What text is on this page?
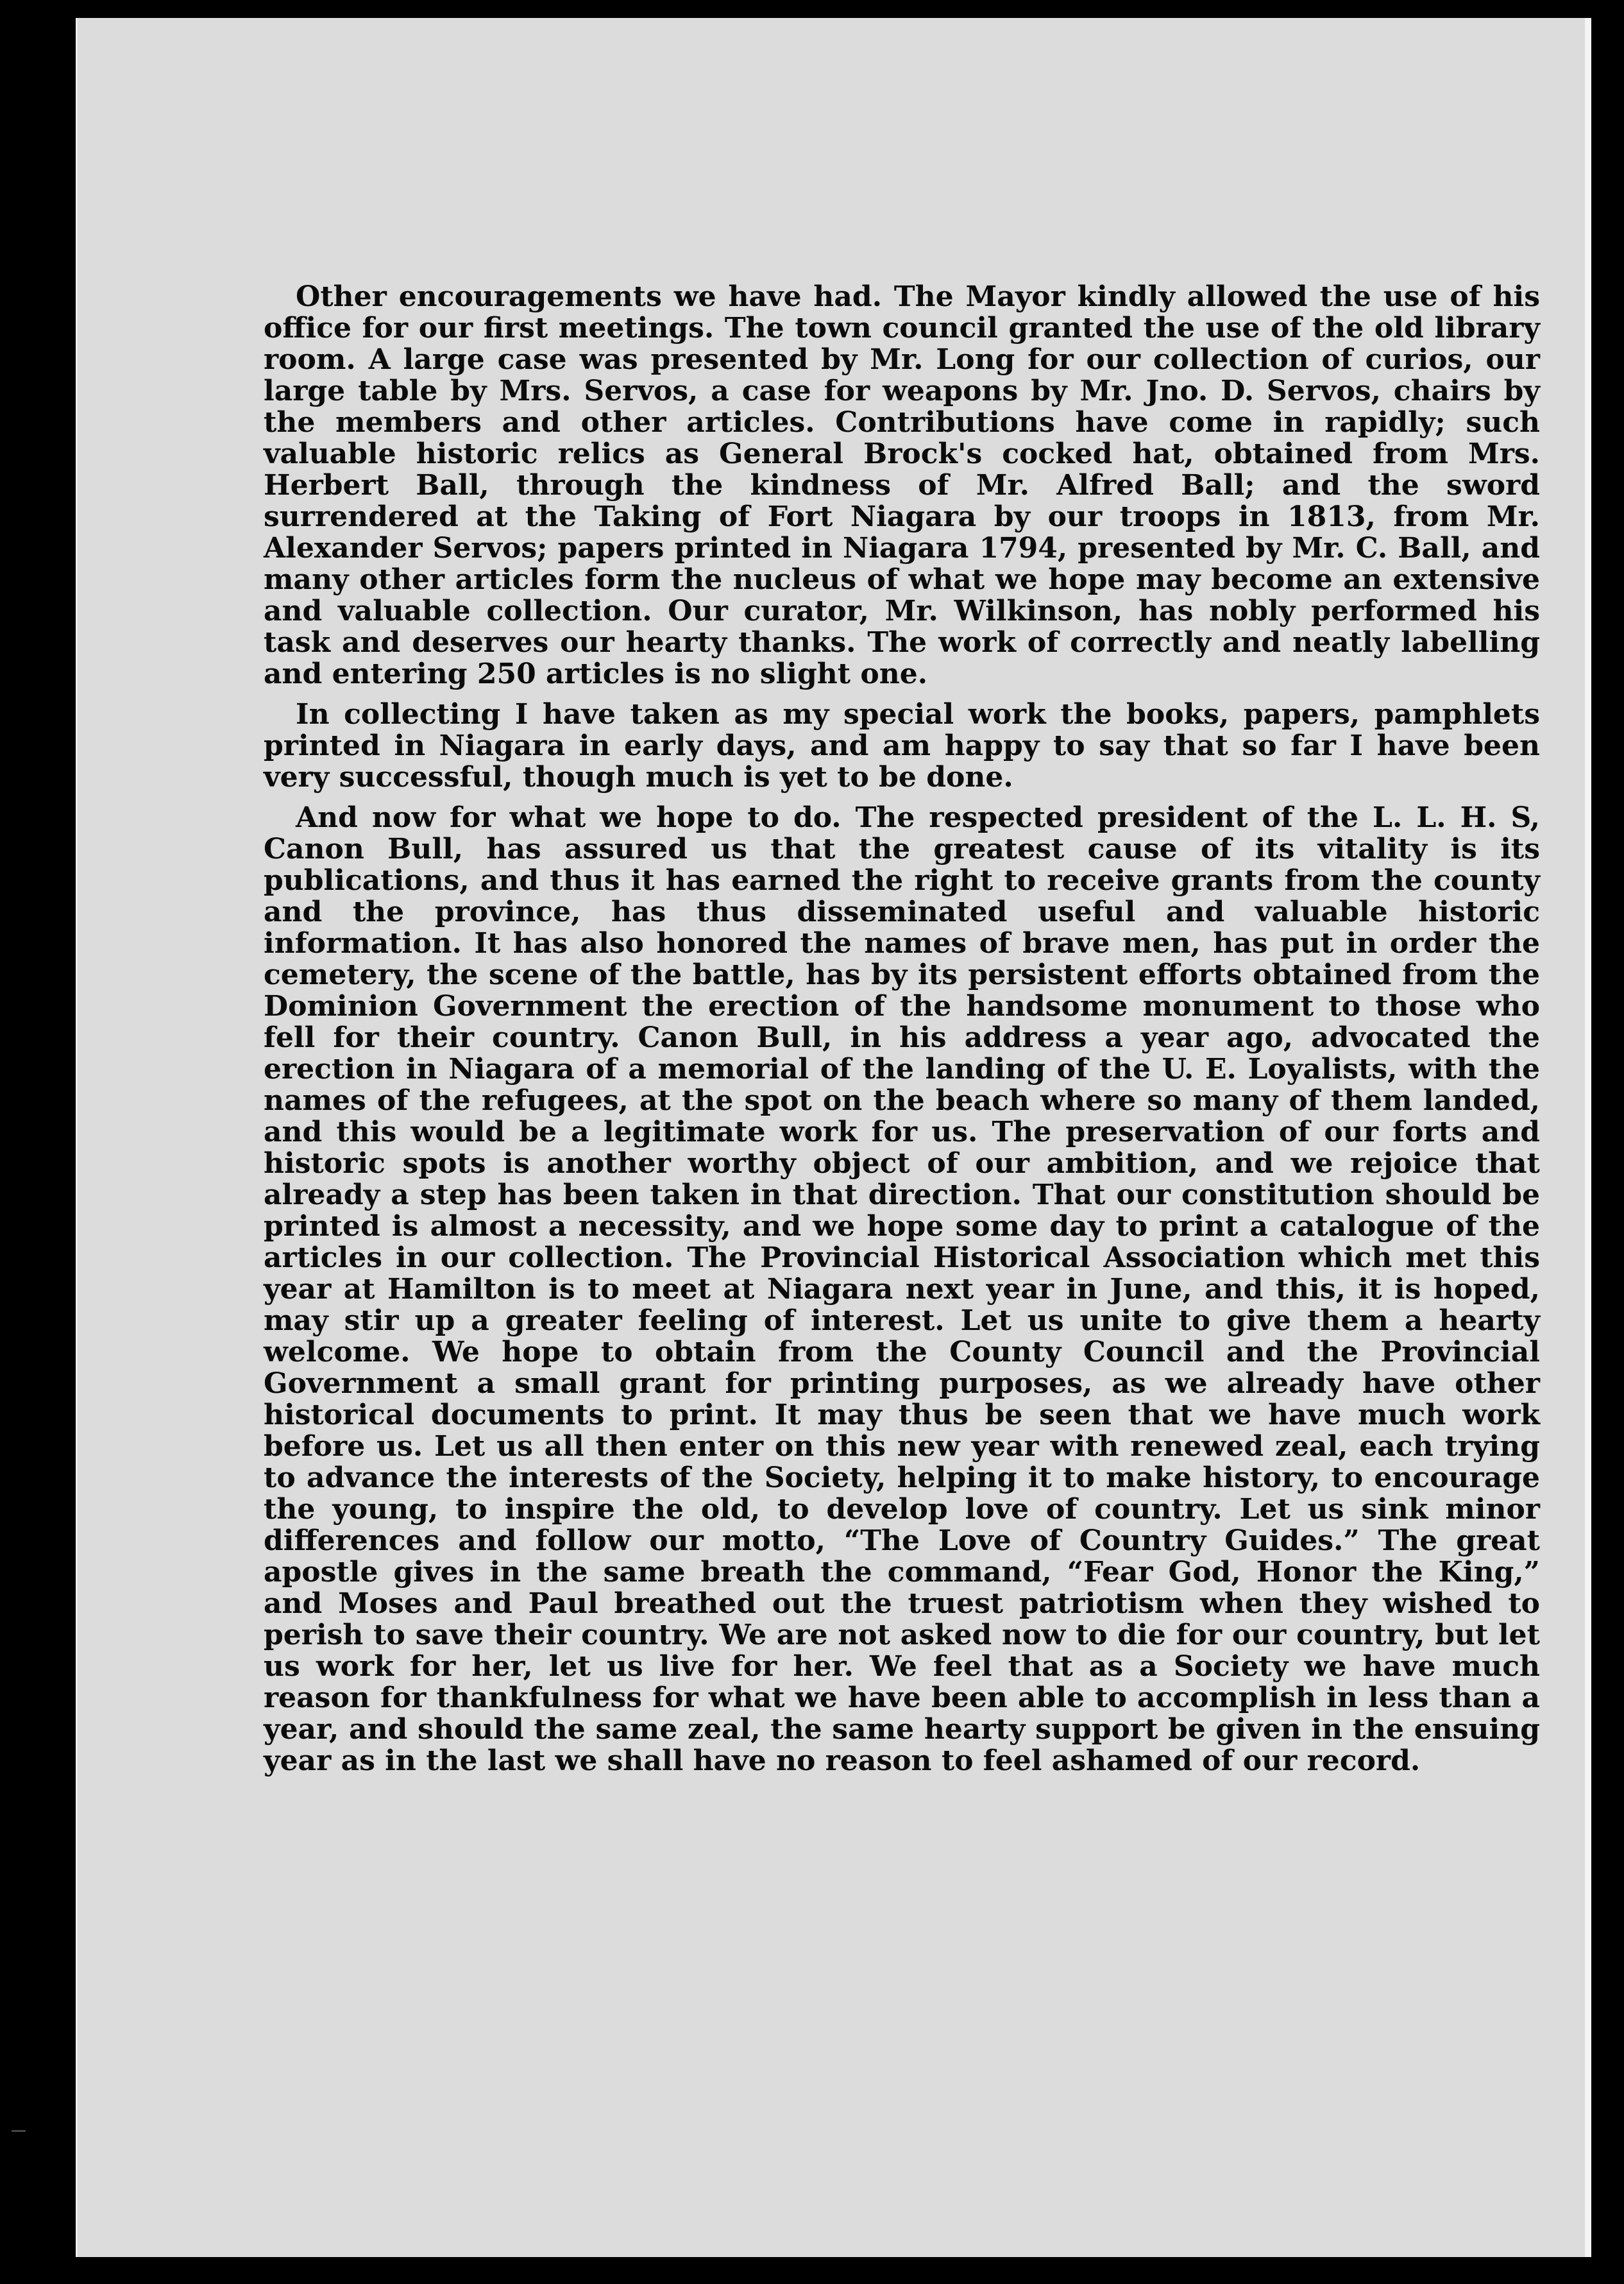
Other encouragements we have had. The Mayor kindly allowed the use of his office for our first meetings. The town council granted the use of the old library room. A large case was presented by Mr. Long for our collection of curios, our large table by Mrs. Servos, a case for weapons by Mr. Jno. D. Servos, chairs by the members and other articles. Contributions have come in rapidly; such valuable historic relics as General Brock's cocked hat, obtained from Mrs. Herbert Ball, through the kindness of Mr. Alfred Ball; and the sword surrendered at the Taking of Fort Niagara by our troops in 1813, from Mr. Alexander Servos; papers printed in Niagara 1794, presented by Mr. C. Ball, and many other articles form the nucleus of what we hope may become an extensive and valuable collection. Our curator, Mr. Wilkinson, has nobly performed his task and deserves our hearty thanks. The work of correctly and neatly labelling and entering 250 articles is no slight one.

In collecting I have taken as my special work the books, papers, pamphlets printed in Niagara in early days, and am happy to say that so far I have been very successful, though much is yet to be done.

And now for what we hope to do. The respected president of the L. L. H. S, Canon Bull, has assured us that the greatest cause of its vitality is its publications, and thus it has earned the right to receive grants from the county and the province, has thus disseminated useful and valuable historic information. It has also honored the names of brave men, has put in order the cemetery, the scene of the battle, has by its persistent efforts obtained from the Dominion Government the erection of the handsome monument to those who fell for their country. Canon Bull, in his address a year ago, advocated the erection in Niagara of a memorial of the landing of the U. E. Loyalists, with the names of the refugees, at the spot on the beach where so many of them landed, and this would be a legitimate work for us. The preservation of our forts and historic spots is another worthy object of our ambition, and we rejoice that already a step has been taken in that direction. That our constitution should be printed is almost a necessity, and we hope some day to print a catalogue of the articles in our collection. The Provincial Historical Association which met this year at Hamilton is to meet at Niagara next year in June, and this, it is hoped, may stir up a greater feeling of interest. Let us unite to give them a hearty welcome. We hope to obtain from the County Council and the Provincial Government a small grant for printing purposes, as we already have other historical documents to print. It may thus be seen that we have much work before us. Let us all then enter on this new year with renewed zeal, each trying to advance the interests of the Society, helping it to make history, to encourage the young, to inspire the old, to develop love of country. Let us sink minor differences and follow our motto, “The Love of Country Guides.” The great apostle gives in the same breath the command, “Fear God, Honor the King,” and Moses and Paul breathed out the truest patriotism when they wished to perish to save their country. We are not asked now to die for our country, but let us work for her, let us live for her. We feel that as a Society we have much reason for thankfulness for what we have been able to accomplish in less than a year, and should the same zeal, the same hearty support be given in the ensuing year as in the last we shall have no reason to feel ashamed of our record.
